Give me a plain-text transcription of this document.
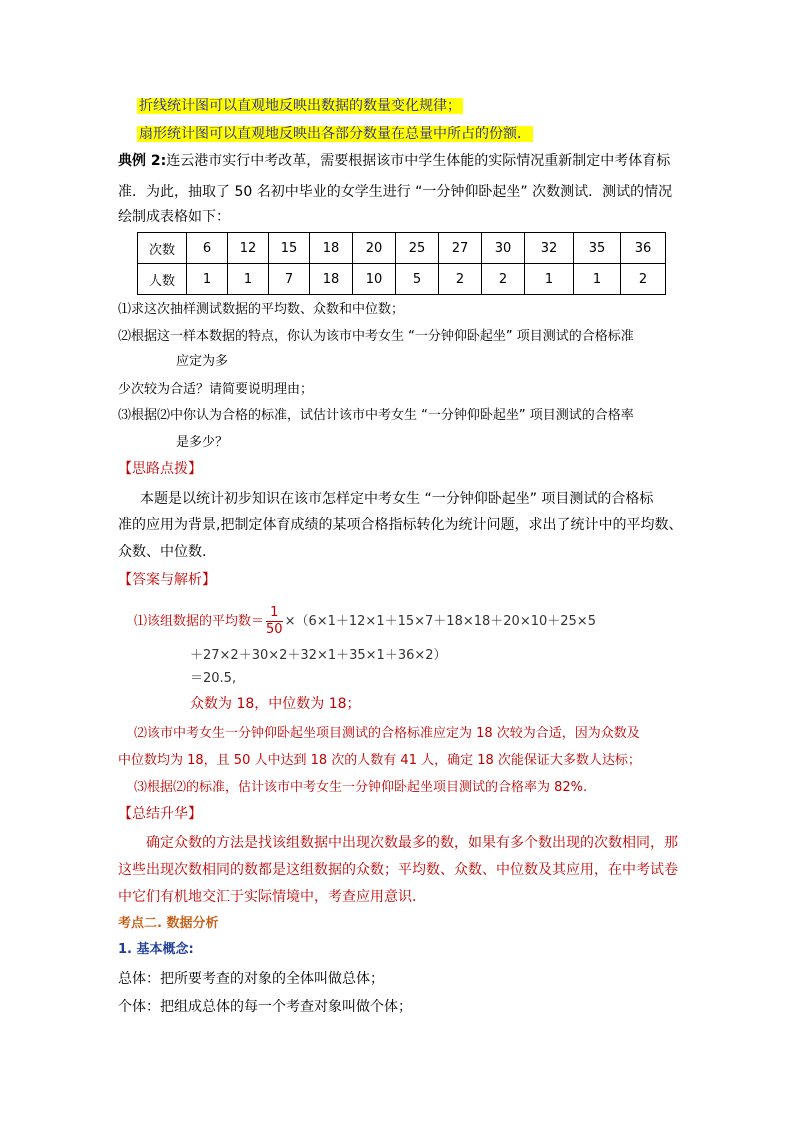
折线统计图可以直观地反映出数据的数量变化规律；
扇形统计图可以直观地反映出各部分数量在总量中所占的份额．
典例 2:连云港市实行中考改革，需要根据该市中学生体能的实际情况重新制定中考体育标
准．为此，抽取了 50 名初中毕业的女学生进行 “一分钟仰卧起坐” 次数测试．测试的情况
绘制成表格如下：
次数	6	12	15	18	20	25	27	30	32	35	36
人数	1	1	7	18	10	5	2	2	1	1	2
⑴求这次抽样测试数据的平均数、众数和中位数；
⑵根据这一样本数据的特点，你认为该市中考女生 “一分钟仰卧起坐” 项目测试的合格标准
应定为多
少次较为合适？请简要说明理由；
⑶根据⑵中你认为合格的标准，试估计该市中考女生 “一分钟仰卧起坐” 项目测试的合格率
是多少？
【思路点拨】
本题是以统计初步知识在该市怎样定中考女生 “一分钟仰卧起坐” 项目测试的合格标
准的应用为背景,把制定体育成绩的某项合格指标转化为统计问题，求出了统计中的平均数、
众数、中位数.
【答案与解析】
⑴该组数据的平均数＝ $\frac{1}{50} \times(6\times 1+12\times 1+15\times 7+18\times 18+20\times 10+25\times 5$
＋27×2＋30×2＋32×1＋35×1＋36×2）
＝20.5,
众数为 18，中位数为 18；
⑵该市中考女生一分钟仰卧起坐项目测试的合格标准应定为 18 次较为合适，因为众数及
中位数均为 18，且 50 人中达到 18 次的人数有 41 人，确定 18 次能保证大多数人达标；
⑶根据⑵的标准，估计该市中考女生一分钟仰卧起坐项目测试的合格率为 82%.
【总结升华】
确定众数的方法是找该组数据中出现次数最多的数，如果有多个数出现的次数相同，那
这些出现次数相同的数都是这组数据的众数；平均数、众数、中位数及其应用，在中考试卷
中它们有机地交汇于实际情境中，考查应用意识．
考点二. 数据分析
1. 基本概念:
总体：把所要考查的对象的全体叫做总体；
个体：把组成总体的每一个考查对象叫做个体；
